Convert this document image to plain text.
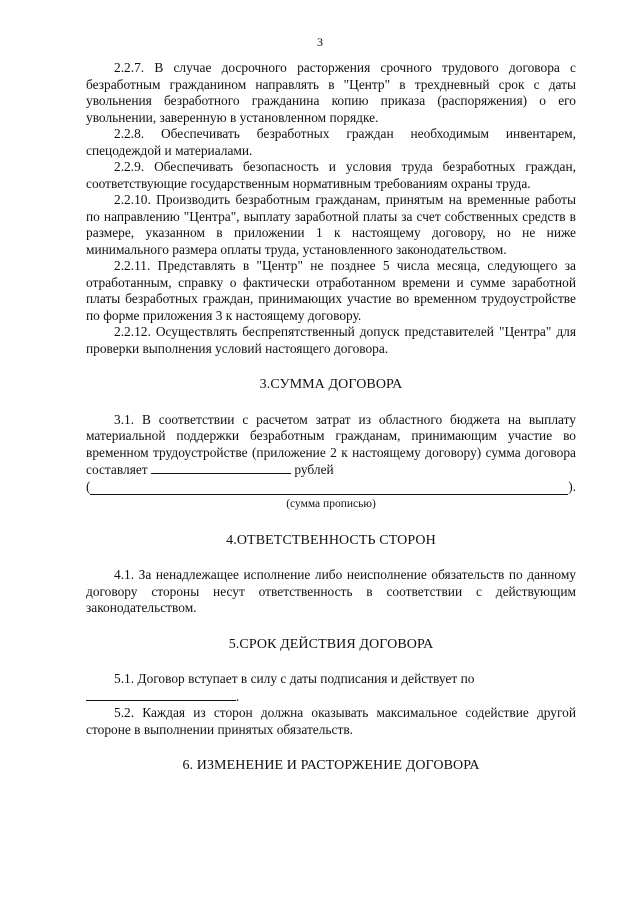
3

2.2.7. В случае досрочного расторжения срочного трудового договора с безработным гражданином направлять в "Центр" в трехдневный срок с даты увольнения безработного гражданина копию приказа (распоряжения) о его увольнении, заверенную в установленном порядке.

2.2.8. Обеспечивать безработных граждан необходимым инвентарем, спецодеждой и материалами.

2.2.9. Обеспечивать безопасность и условия труда безработных граждан, соответствующие государственным нормативным требованиям охраны труда.

2.2.10. Производить безработным гражданам, принятым на временные работы по направлению "Центра", выплату заработной платы за счет собственных средств в размере, указанном в приложении 1 к настоящему договору, но не ниже минимального размера оплаты труда, установленного законодательством.

2.2.11. Представлять в "Центр" не позднее 5 числа месяца, следующего за отработанным, справку о фактически отработанном времени и сумме заработной платы безработных граждан, принимающих участие во временном трудоустройстве по форме приложения 3 к настоящему договору.

2.2.12. Осуществлять беспрепятственный допуск представителей "Центра" для проверки выполнения условий настоящего договора.

3.СУММА ДОГОВОРА

3.1. В соответствии с расчетом затрат из областного бюджета на выплату материальной поддержки безработным гражданам, принимающим участие во временном трудоустройстве (приложение 2 к настоящему договору) сумма договора составляет	рублей

(	).

(сумма прописью)

4.ОТВЕТСТВЕННОСТЬ СТОРОН

4.1. За ненадлежащее исполнение либо неисполнение обязательств по данному договору стороны несут ответственность в соответствии с действующим законодательством.

5.СРОК ДЕЙСТВИЯ ДОГОВОРА

5.1. Договор вступает в силу с даты подписания и действует по

.

5.2. Каждая из сторон должна оказывать максимальное содействие другой стороне в выполнении принятых обязательств.

6. ИЗМЕНЕНИЕ И РАСТОРЖЕНИЕ ДОГОВОРА
